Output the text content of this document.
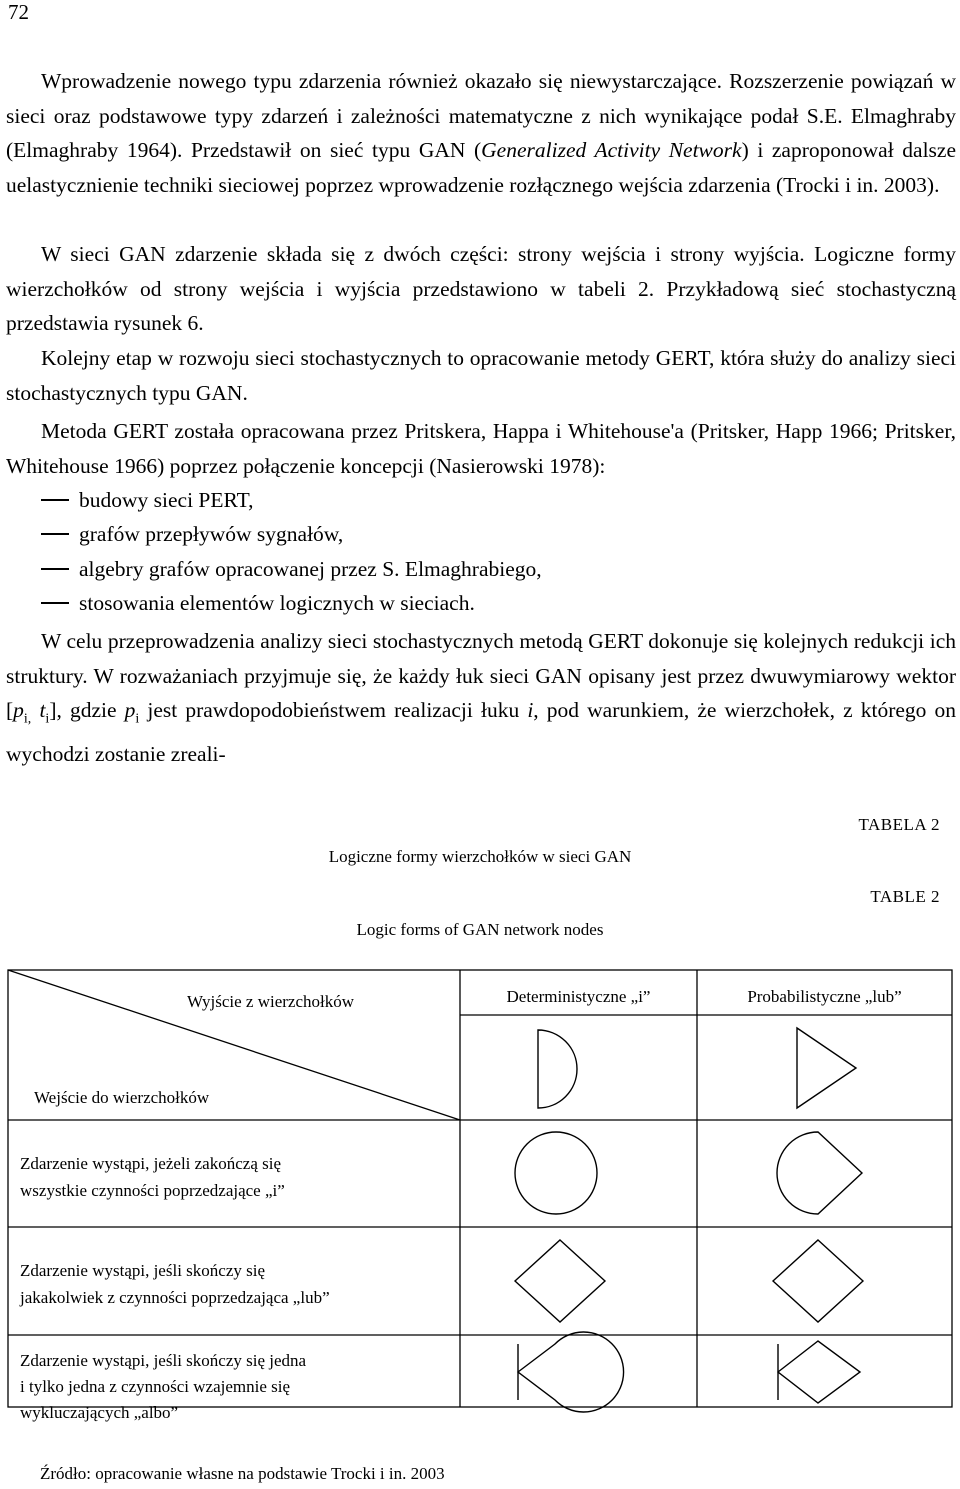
72
Wprowadzenie nowego typu zdarzenia również okazało się niewystarczające. Rozszerzenie powiązań w sieci oraz podstawowe typy zdarzeń i zależności matematyczne z nich wynikające podał S.E. Elmaghraby (Elmaghraby 1964). Przedstawił on sieć typu GAN (Generalized Activity Network) i zaproponował dalsze uelastycznienie techniki sieciowej poprzez wprowadzenie rozłącznego wejścia zdarzenia (Trocki i in. 2003).
W sieci GAN zdarzenie składa się z dwóch części: strony wejścia i strony wyjścia. Logiczne formy wierzchołków od strony wejścia i wyjścia przedstawiono w tabeli 2. Przykładową sieć stochastyczną przedstawia rysunek 6.
Kolejny etap w rozwoju sieci stochastycznych to opracowanie metody GERT, która służy do analizy sieci stochastycznych typu GAN.
Metoda GERT została opracowana przez Pritskera, Happa i Whitehouse'a (Pritsker, Happ 1966; Pritsker, Whitehouse 1966) poprzez połączenie koncepcji (Nasierowski 1978):
budowy sieci PERT,
grafów przepływów sygnałów,
algebry grafów opracowanej przez S. Elmaghrabiego,
stosowania elementów logicznych w sieciach.
W celu przeprowadzenia analizy sieci stochastycznych metodą GERT dokonuje się kolejnych redukcji ich struktury. W rozważaniach przyjmuje się, że każdy łuk sieci GAN opisany jest przez dwuwymiarowy wektor [$p_{i,}$ $t_i$], gdzie $p_i$ jest prawdopodobieństwem realizacji łuku i, pod warunkiem, że wierzchołek, z którego on wychodzi zostanie zreali-
TABELA 2
Logiczne formy wierzchołków w sieci GAN
TABLE 2
Logic forms of GAN network nodes
Wyjście z wierzchołków
Wejście do wierzchołków
Deterministyczne „i”	Probabilistyczne „lub”
Zdarzenie wystąpi, jeżeli zakończą się
wszystkie czynności poprzedzające „i”
Zdarzenie wystąpi, jeśli skończy się
jakakolwiek z czynności poprzedzająca „lub”
Zdarzenie wystąpi, jeśli skończy się jedna
i tylko jedna z czynności wzajemnie się
wykluczających „albo”
Źródło: opracowanie własne na podstawie Trocki i in. 2003
